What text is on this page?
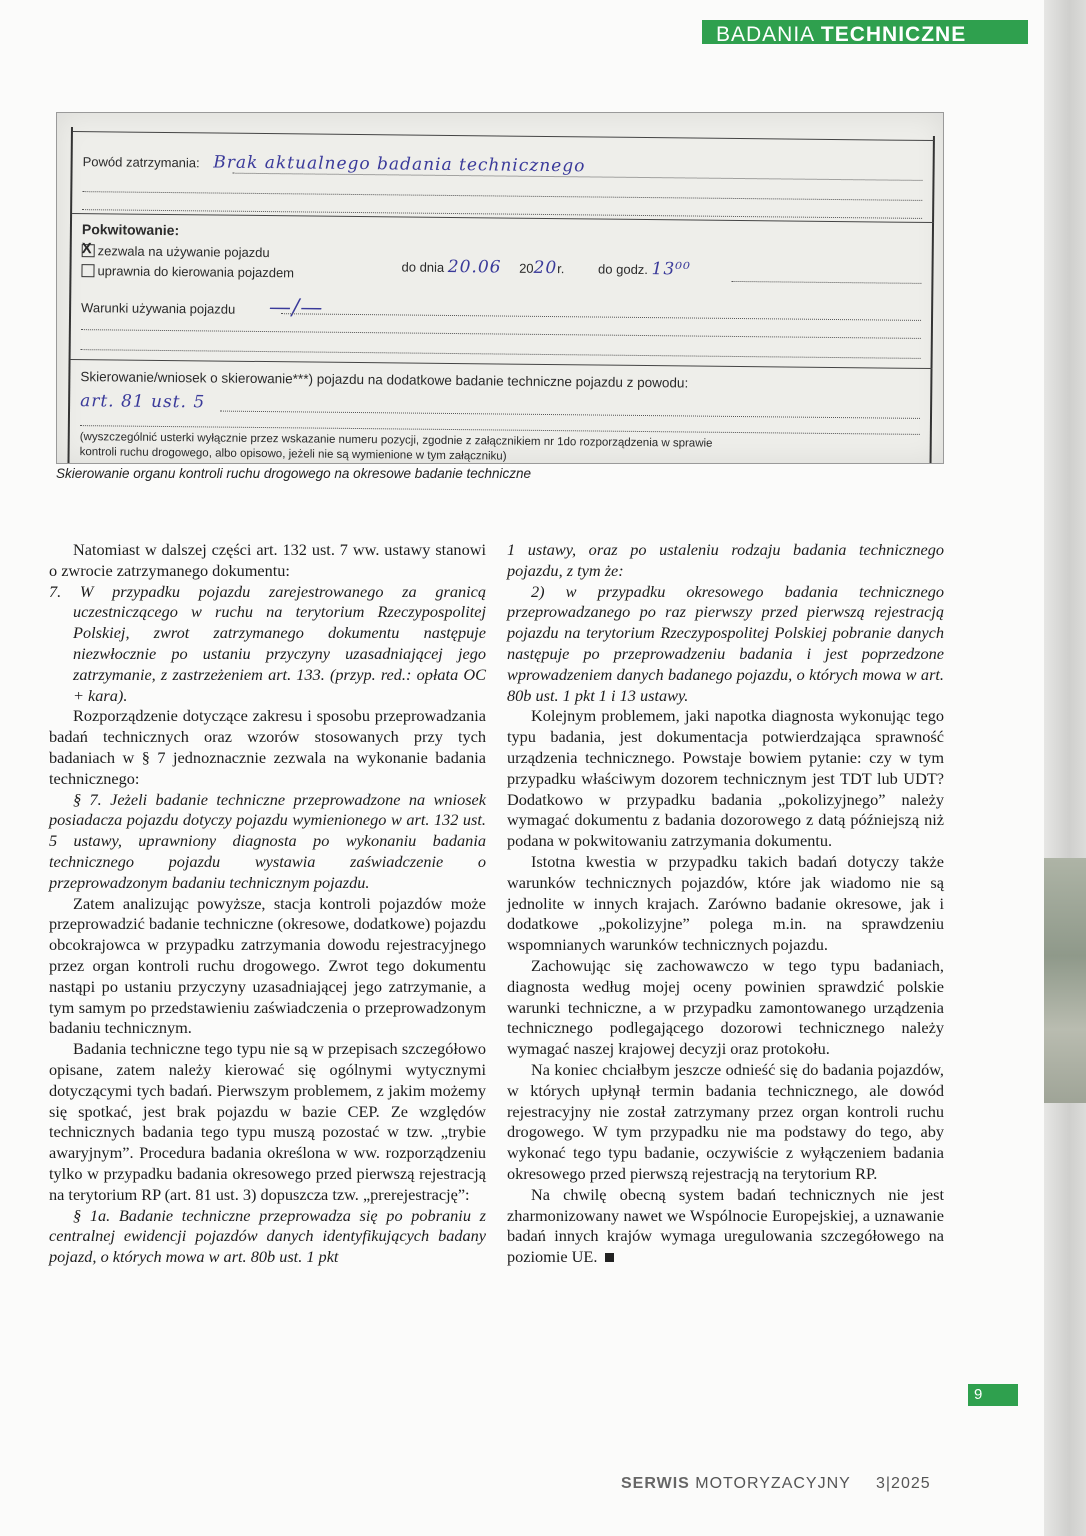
BADANIA TECHNICZNE
Powód zatrzymania: Brak aktualnego badania technicznego
Pokwitowanie:
X zezwala na używanie pojazdu
uprawnia do kierowania pojazdem	do dnia 20.06 2020r.	do godz. 13⁰⁰
Warunki używania pojazdu —/—
Skierowanie/wniosek o skierowanie***) pojazdu na dodatkowe badanie techniczne pojazdu z powodu:
art. 81 ust. 5
(wyszczególnić usterki wyłącznie przez wskazanie numeru pozycji, zgodnie z załącznikiem nr 1do rozporządzenia w sprawie
kontroli ruchu drogowego, albo opisowo, jeżeli nie są wymienione w tym załączniku)
Skierowanie organu kontroli ruchu drogowego na okresowe badanie techniczne

Natomiast w dalszej części art. 132 ust. 7 ww. ustawy stanowi o zwrocie zatrzymanego dokumentu:

7. W przypadku pojazdu zarejestrowanego za granicą uczestniczącego w ruchu na terytorium Rzeczypospolitej Polskiej, zwrot zatrzymanego dokumentu następuje niezwłocznie po ustaniu przyczyny uzasadniającej jego zatrzymanie, z zastrzeżeniem art. 133. (przyp. red.: opłata OC + kara).

Rozporządzenie dotyczące zakresu i sposobu przeprowadzania badań technicznych oraz wzorów stosowanych przy tych badaniach w § 7 jednoznacznie zezwala na wykonanie badania technicznego:

§ 7. Jeżeli badanie techniczne przeprowadzone na wniosek posiadacza pojazdu dotyczy pojazdu wymienionego w art. 132 ust. 5 ustawy, uprawniony diagnosta po wykonaniu badania technicznego pojazdu wystawia zaświadczenie o przeprowadzonym badaniu technicznym pojazdu.

Zatem analizując powyższe, stacja kontroli pojazdów może przeprowadzić badanie techniczne (okresowe, dodatkowe) pojazdu obcokrajowca w przypadku zatrzymania dowodu rejestracyjnego przez organ kontroli ruchu drogowego. Zwrot tego dokumentu nastąpi po ustaniu przyczyny uzasadniającej jego zatrzymanie, a tym samym po przedstawieniu zaświadczenia o przeprowadzonym badaniu technicznym.

Badania techniczne tego typu nie są w przepisach szczegółowo opisane, zatem należy kierować się ogólnymi wytycznymi dotyczącymi tych badań. Pierwszym problemem, z jakim możemy się spotkać, jest brak pojazdu w bazie CEP. Ze względów technicznych badania tego typu muszą pozostać w tzw. „trybie awaryjnym”. Procedura badania określona w ww. rozporządzeniu tylko w przypadku badania okresowego przed pierwszą rejestracją na terytorium RP (art. 81 ust. 3) dopuszcza tzw. „prerejestrację”:

§ 1a. Badanie techniczne przeprowadza się po pobraniu z centralnej ewidencji pojazdów danych identyfikujących badany pojazd, o których mowa w art. 80b ust. 1 pkt

1 ustawy, oraz po ustaleniu rodzaju badania technicznego pojazdu, z tym że:

2) w przypadku okresowego badania technicznego przeprowadzanego po raz pierwszy przed pierwszą rejestracją pojazdu na terytorium Rzeczypospolitej Polskiej pobranie danych następuje po przeprowadzeniu badania i jest poprzedzone wprowadzeniem danych badanego pojazdu, o których mowa w art. 80b ust. 1 pkt 1 i 13 ustawy.

Kolejnym problemem, jaki napotka diagnosta wykonując tego typu badania, jest dokumentacja potwierdzająca sprawność urządzenia technicznego. Powstaje bowiem pytanie: czy w tym przypadku właściwym dozorem technicznym jest TDT lub UDT? Dodatkowo w przypadku badania „pokolizyjnego” należy wymagać dokumentu z badania dozorowego z datą późniejszą niż podana w pokwitowaniu zatrzymania dokumentu.

Istotna kwestia w przypadku takich badań dotyczy także warunków technicznych pojazdów, które jak wiadomo nie są jednolite w innych krajach. Zarówno badanie okresowe, jak i dodatkowe „pokolizyjne” polega m.in. na sprawdzeniu wspomnianych warunków technicznych pojazdu.

Zachowując się zachowawczo w tego typu badaniach, diagnosta według mojej oceny powinien sprawdzić polskie warunki techniczne, a w przypadku zamontowanego urządzenia technicznego podlegającego dozorowi technicznego należy wymagać naszej krajowej decyzji oraz protokołu.

Na koniec chciałbym jeszcze odnieść się do badania pojazdów, w których upłynął termin badania technicznego, ale dowód rejestracyjny nie został zatrzymany przez organ kontroli ruchu drogowego. W tym przypadku nie ma podstawy do tego, aby wykonać tego typu badanie, oczywiście z wyłączeniem badania okresowego przed pierwszą rejestracją na terytorium RP.

Na chwilę obecną system badań technicznych nie jest zharmonizowany nawet we Wspólnocie Europejskiej, a uznawanie badań innych krajów wymaga uregulowania szczegółowego na poziomie UE.

9
SERWIS MOTORYZACYJNY 3|2025
